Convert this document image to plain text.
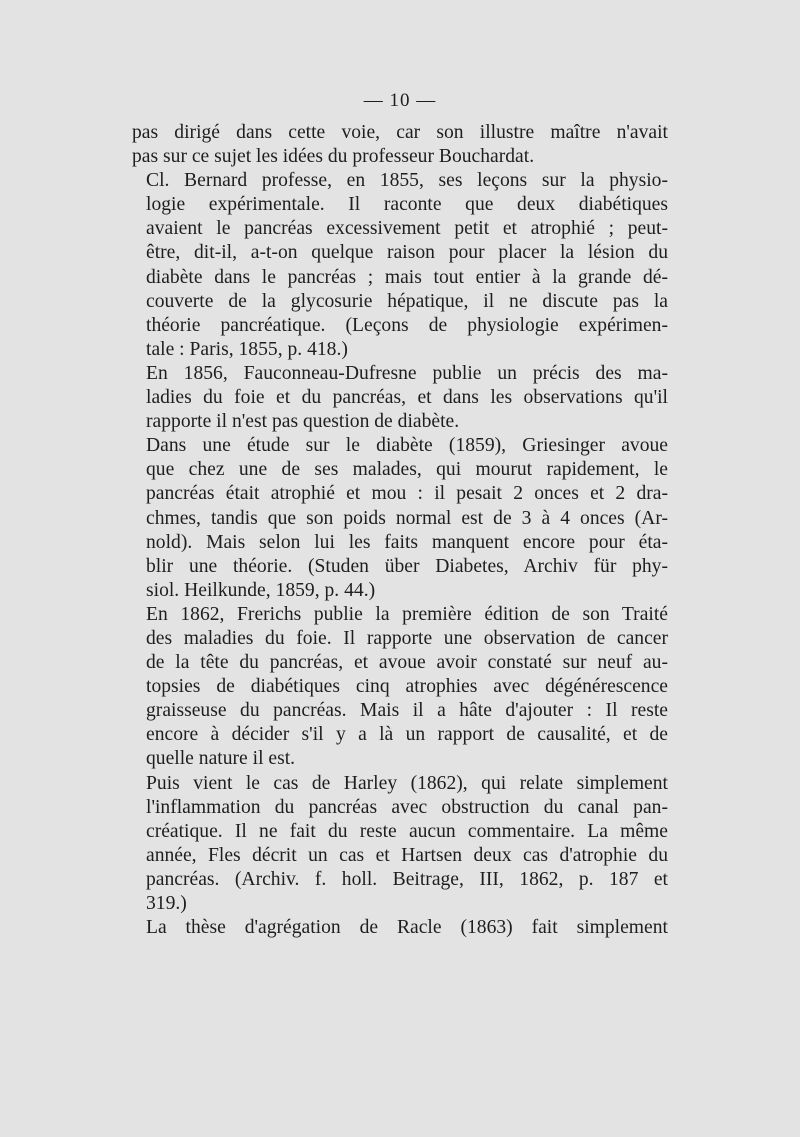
— 10 —

pas dirigé dans cette voie, car son illustre maître n'avait
pas sur ce sujet les idées du professeur Bouchardat.

Cl. Bernard professe, en 1855, ses leçons sur la physio-
logie expérimentale. Il raconte que deux diabétiques
avaient le pancréas excessivement petit et atrophié ; peut-
être, dit-il, a-t-on quelque raison pour placer la lésion du
diabète dans le pancréas ; mais tout entier à la grande dé-
couverte de la glycosurie hépatique, il ne discute pas la
théorie pancréatique. (Leçons de physiologie expérimen-
tale : Paris, 1855, p. 418.)

En 1856, Fauconneau-Dufresne publie un précis des ma-
ladies du foie et du pancréas, et dans les observations qu'il
rapporte il n'est pas question de diabète.

Dans une étude sur le diabète (1859), Griesinger avoue
que chez une de ses malades, qui mourut rapidement, le
pancréas était atrophié et mou : il pesait 2 onces et 2 dra-
chmes, tandis que son poids normal est de 3 à 4 onces (Ar-
nold). Mais selon lui les faits manquent encore pour éta-
blir une théorie. (Studen über Diabetes, Archiv für phy-
siol. Heilkunde, 1859, p. 44.)

En 1862, Frerichs publie la première édition de son Traité
des maladies du foie. Il rapporte une observation de cancer
de la tête du pancréas, et avoue avoir constaté sur neuf au-
topsies de diabétiques cinq atrophies avec dégénérescence
graisseuse du pancréas. Mais il a hâte d'ajouter : Il reste
encore à décider s'il y a là un rapport de causalité, et de
quelle nature il est.

Puis vient le cas de Harley (1862), qui relate simplement
l'inflammation du pancréas avec obstruction du canal pan-
créatique. Il ne fait du reste aucun commentaire. La même
année, Fles décrit un cas et Hartsen deux cas d'atrophie du
pancréas. (Archiv. f. holl. Beitrage, III, 1862, p. 187 et
319.)

La thèse d'agrégation de Racle (1863) fait simplement
